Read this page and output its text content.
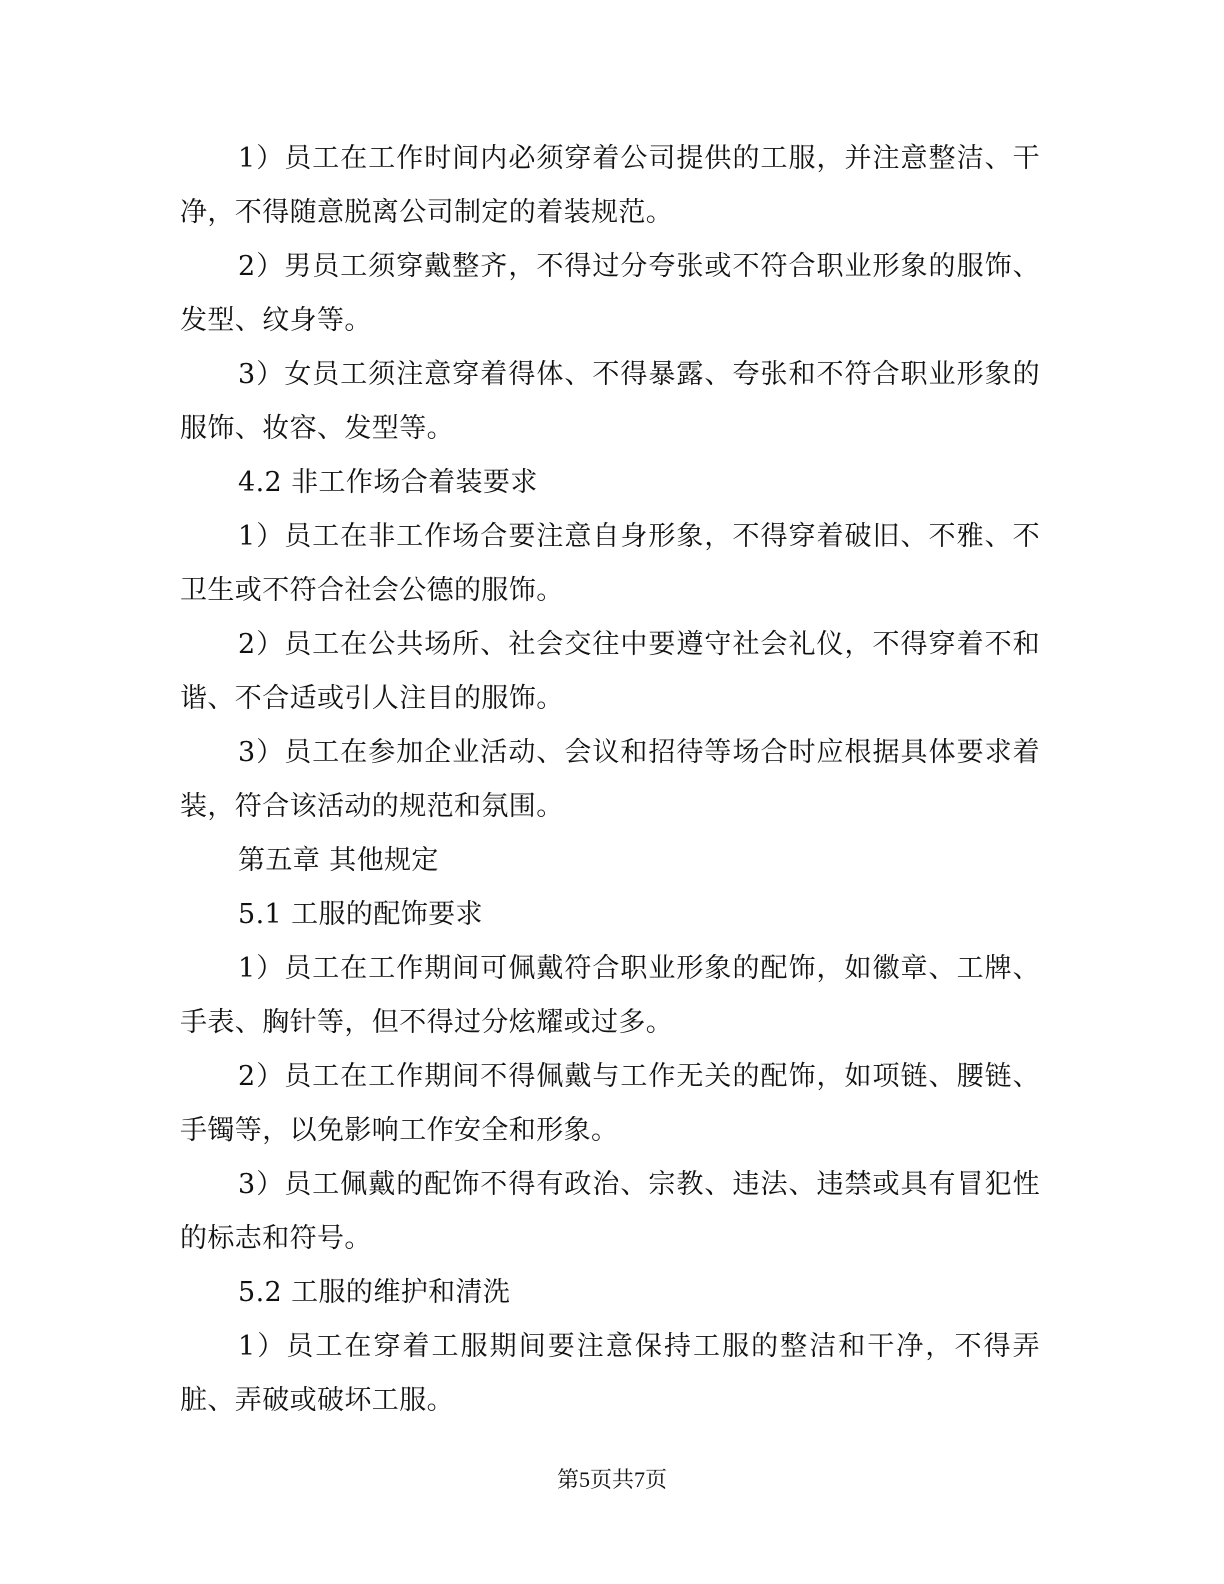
1）员工在工作时间内必须穿着公司提供的工服，并注意整洁、干净，不得随意脱离公司制定的着装规范。

2）男员工须穿戴整齐，不得过分夸张或不符合职业形象的服饰、发型、纹身等。

3）女员工须注意穿着得体、不得暴露、夸张和不符合职业形象的服饰、妆容、发型等。

4.2 非工作场合着装要求

1）员工在非工作场合要注意自身形象，不得穿着破旧、不雅、不卫生或不符合社会公德的服饰。

2）员工在公共场所、社会交往中要遵守社会礼仪，不得穿着不和谐、不合适或引人注目的服饰。

3）员工在参加企业活动、会议和招待等场合时应根据具体要求着装，符合该活动的规范和氛围。

第五章 其他规定

5.1 工服的配饰要求

1）员工在工作期间可佩戴符合职业形象的配饰，如徽章、工牌、手表、胸针等，但不得过分炫耀或过多。

2）员工在工作期间不得佩戴与工作无关的配饰，如项链、腰链、手镯等，以免影响工作安全和形象。

3）员工佩戴的配饰不得有政治、宗教、违法、违禁或具有冒犯性的标志和符号。

5.2 工服的维护和清洗

1）员工在穿着工服期间要注意保持工服的整洁和干净，不得弄脏、弄破或破坏工服。

第5页共7页
